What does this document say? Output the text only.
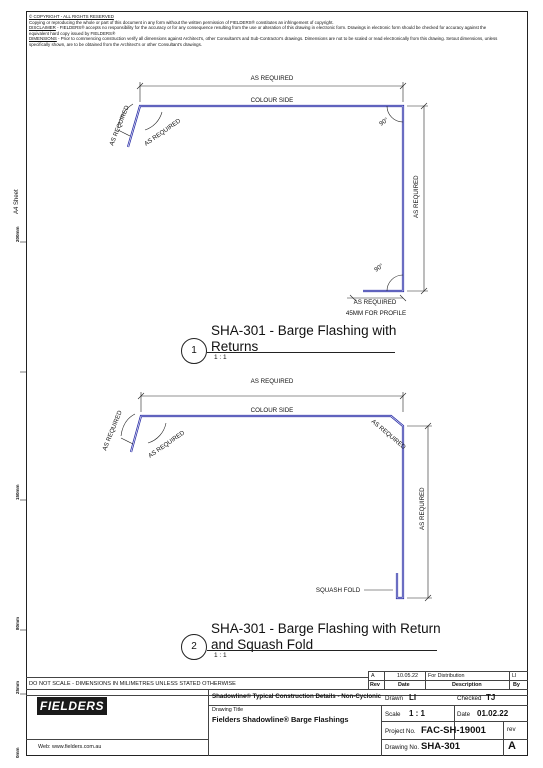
© COPYRIGHT - ALL RIGHTS RESERVED

Copying or reproducing the whole or part of this document in any form without the written permission of FIELDERS® constitutes an infringement of copyright.

DISCLAIMER - FIELDERS® accepts no responsibility for the accuracy or for any consequence resulting from the use or alteration of this drawing in electronic form. Drawings in electronic form should be checked for accuracy against the equivalent hard copy issued by FIELDERS®

DIMENSIONS - Prior to commencing construction verify all dimensions against Architect's, other Consultant's and Sub-Contractor's drawings. Dimensions are not to be scaled or read electronically from this drawing. Setout dimensions, unless specifically shown, are to be obtained from the Architect's or other Consultant's drawings.

A4 Sheet
200mm
150mm
80mm
25mm
0mm
AS REQUIRED
COLOUR SIDE
AS REQUIRED AS REQUIRED	90°
AS REQUIRED
90°
AS REQUIRED
45MM FOR PROFILE
AS REQUIRED
COLOUR SIDE
AS REQUIRED	AS REQUIRED	AS REQUIRED
AS REQUIRED
SQUASH FOLD
1
SHA-301 - Barge Flashing with Returns
1 : 1
2
SHA-301 - Barge Flashing with Return and Squash Fold
1 : 1
A	10.05.22 For Distribution	LI
Rev	Date	Description	By
DO NOT SCALE - DIMENSIONS IN MILIMETRES UNLESS STATED OTHERWISE
FIELDERS
Web: www.fielders.com.au
Shadowline® Typical Construction Details - Non-Cyclonic
Drawing Title
Fielders Shadowline® Barge Flashings
Drawn LI	Checked TJ
Scale 1 : 1	Date 01.02.22
Project No. FAC-SH-19001	rev
Drawing No. SHA-301	A
